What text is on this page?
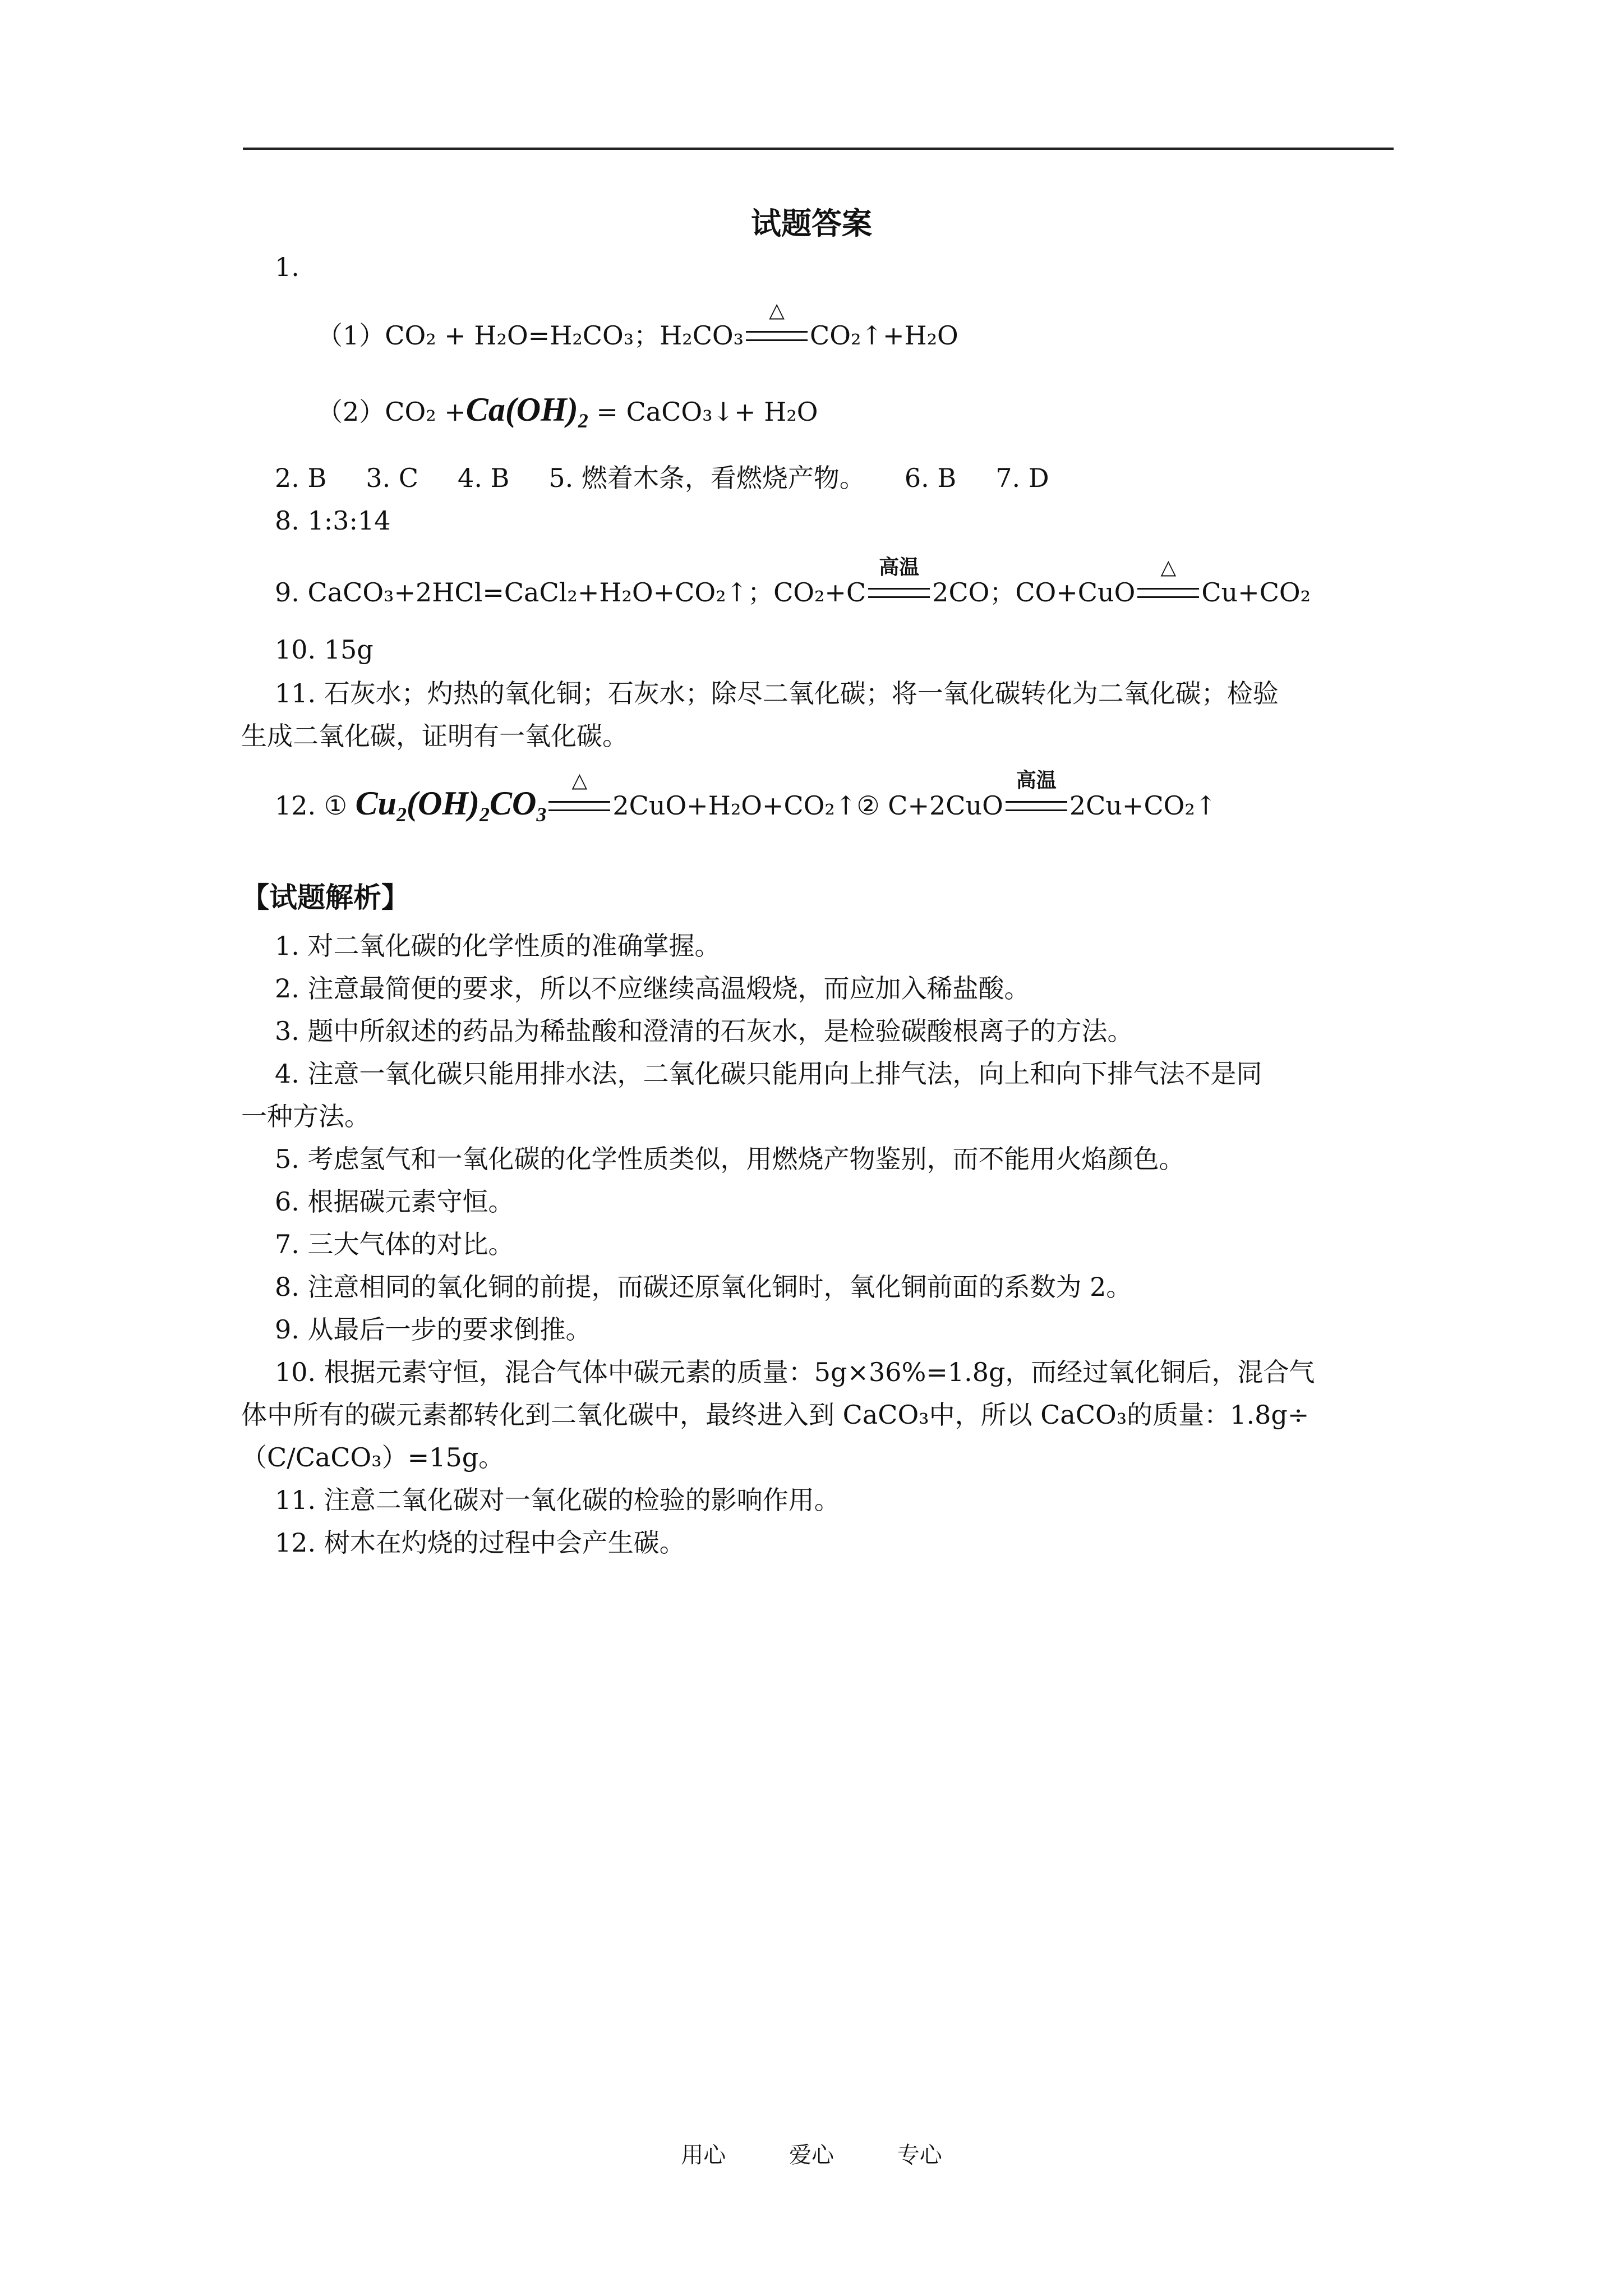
试题答案
1.
（1）CO₂ + H₂O=H₂CO₃；H₂CO₃
△
CO₂↑+H₂O
$(2)CO_2 +Ca(OH)_2$ = CaCO₃↓+ H₂O
2. B 3. C 4. B 5. 燃着木条，看燃烧产物。 6. B 7. D
8. 1:3:14
9. CaCO₃+2HCl=CaCl₂+H₂O+CO₂↑；CO₂+C
高温
2CO；CO+CuO
△
Cu+CO₂
10. 15g
11. 石灰水；灼热的氧化铜；石灰水；除尽二氧化碳；将一氧化碳转化为二氧化碳；检验
生成二氧化碳，证明有一氧化碳。
12. ① $Cu_2(OH)_2CO_3$
△
2CuO+H₂O+CO₂↑② C+2CuO
高温
2Cu+CO₂↑
【试题解析】
1. 对二氧化碳的化学性质的准确掌握。
2. 注意最简便的要求，所以不应继续高温煅烧，而应加入稀盐酸。
3. 题中所叙述的药品为稀盐酸和澄清的石灰水，是检验碳酸根离子的方法。
4. 注意一氧化碳只能用排水法，二氧化碳只能用向上排气法，向上和向下排气法不是同
一种方法。
5. 考虑氢气和一氧化碳的化学性质类似，用燃烧产物鉴别，而不能用火焰颜色。
6. 根据碳元素守恒。
7. 三大气体的对比。
8. 注意相同的氧化铜的前提，而碳还原氧化铜时，氧化铜前面的系数为 2。
9. 从最后一步的要求倒推。
10. 根据元素守恒，混合气体中碳元素的质量：5g×36%=1.8g，而经过氧化铜后，混合气
体中所有的碳元素都转化到二氧化碳中，最终进入到 CaCO₃中，所以 CaCO₃的质量：1.8g÷
（C/CaCO₃）=15g。
11. 注意二氧化碳对一氧化碳的检验的影响作用。
12. 树木在灼烧的过程中会产生碳。
用心	爱心	专心
